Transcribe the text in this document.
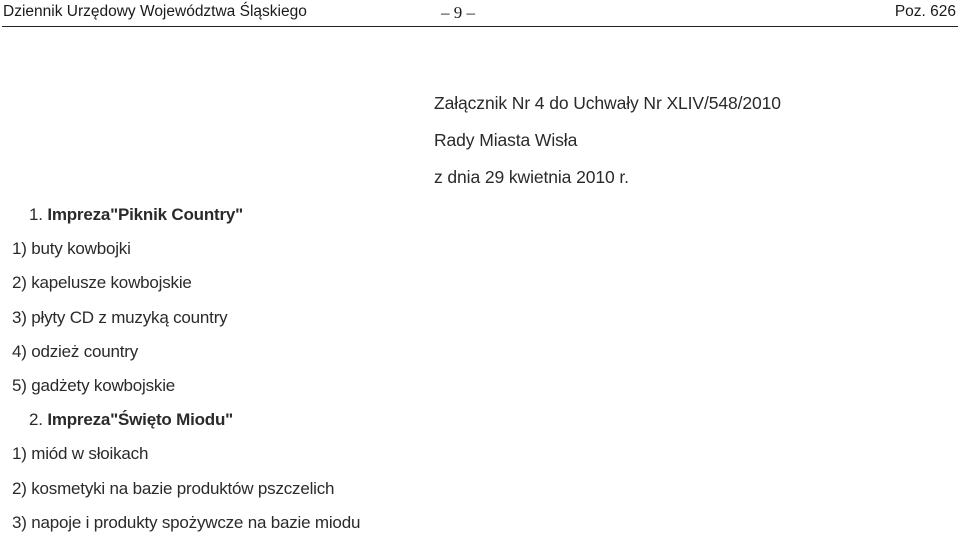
Dziennik Urzędowy Województwa Śląskiego	– 9 –	Poz. 626
Załącznik Nr 4 do Uchwały Nr XLIV/548/2010
Rady Miasta Wisła
z dnia 29 kwietnia 2010 r.
1. Impreza"Piknik Country"
1) buty kowbojki
2) kapelusze kowbojskie
3) płyty CD z muzyką country
4) odzież country
5) gadżety kowbojskie
2. Impreza"Święto Miodu"
1) miód w słoikach
2) kosmetyki na bazie produktów pszczelich
3) napoje i produkty spożywcze na bazie miodu
